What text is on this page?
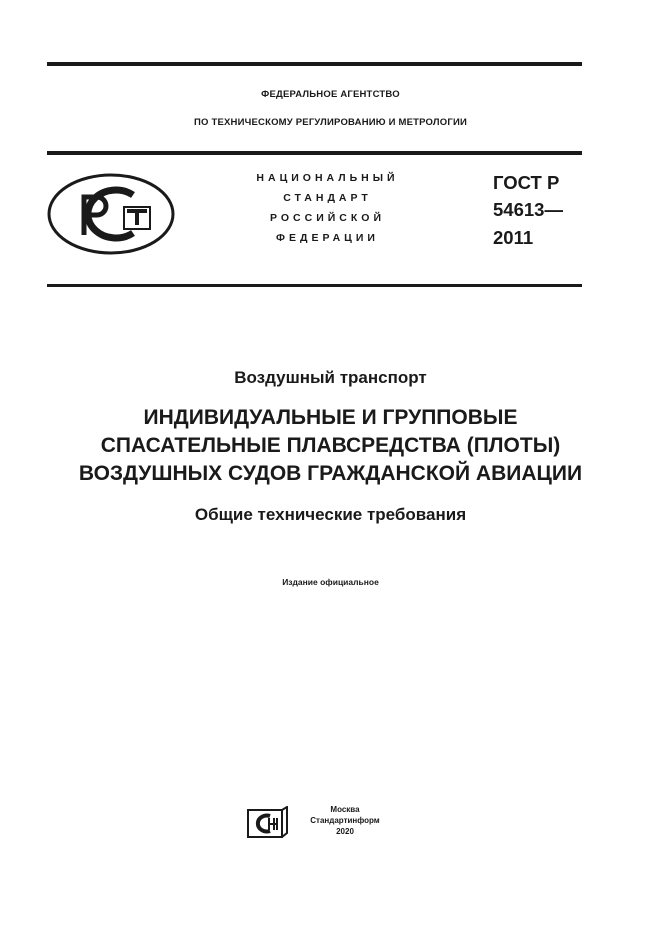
ФЕДЕРАЛЬНОЕ АГЕНТСТВО
ПО ТЕХНИЧЕСКОМУ РЕГУЛИРОВАНИЮ И МЕТРОЛОГИИ
НАЦИОНАЛЬНЫЙ
СТАНДАРТ
РОССИЙСКОЙ
ФЕДЕРАЦИИ
ГОСТ Р
54613—
2011
Воздушный транспорт
ИНДИВИДУАЛЬНЫЕ И ГРУППОВЫЕ
СПАСАТЕЛЬНЫЕ ПЛАВСРЕДСТВА (ПЛОТЫ)
ВОЗДУШНЫХ СУДОВ ГРАЖДАНСКОЙ АВИАЦИИ
Общие технические требования
Издание официальное
Москва
Стандартинформ
2020
